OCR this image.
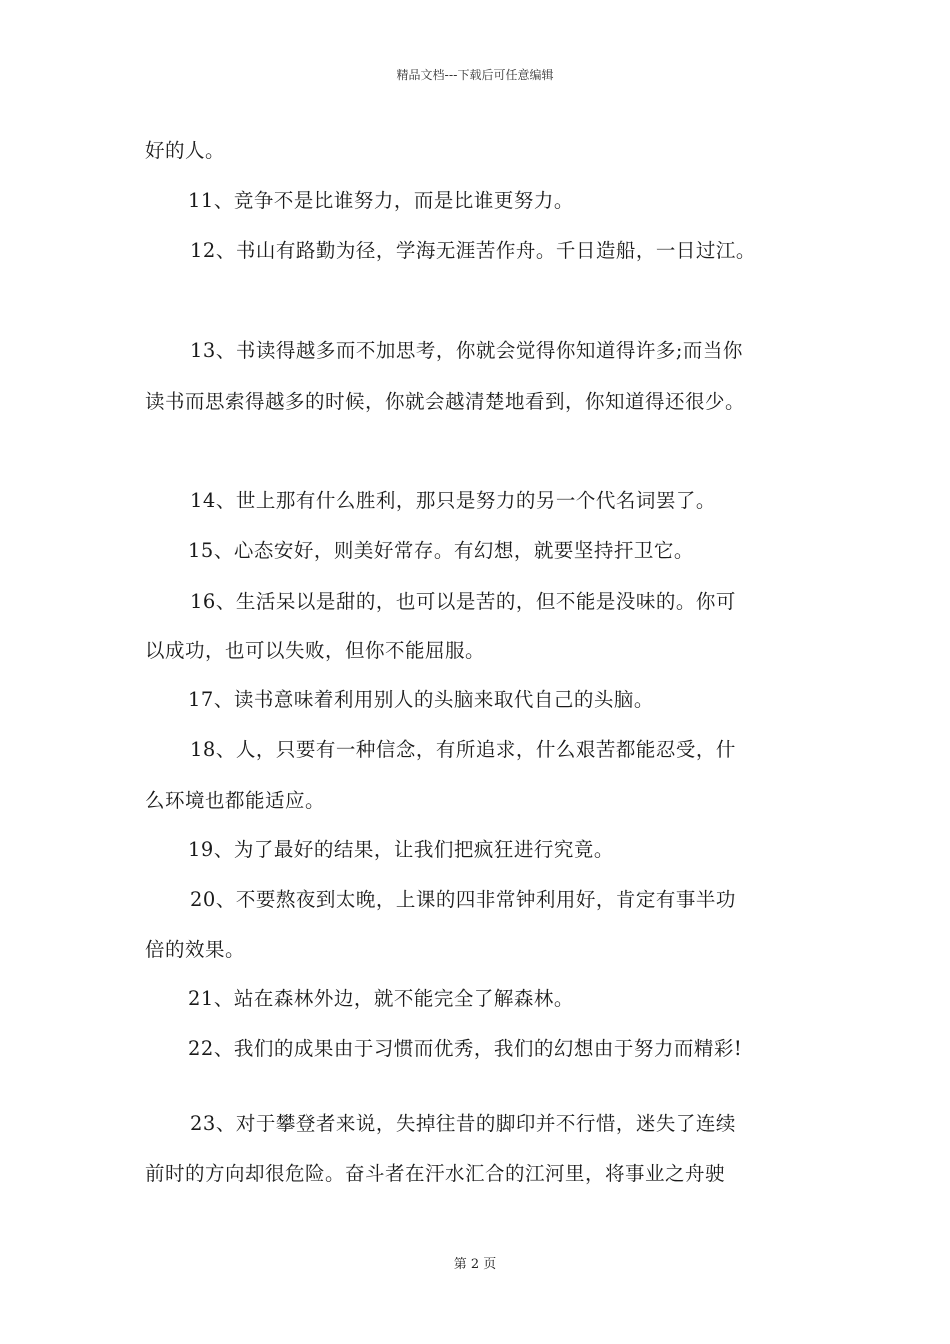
精品文档---下载后可任意编辑
好的人。
11、竞争不是比谁努力，而是比谁更努力。
12、书山有路勤为径，学海无涯苦作舟。千日造船，一日过江。
13、书读得越多而不加思考，你就会觉得你知道得许多;而当你
读书而思索得越多的时候，你就会越清楚地看到，你知道得还很少。
14、世上那有什么胜利，那只是努力的另一个代名词罢了。
15、心态安好，则美好常存。有幻想，就要坚持扞卫它。
16、生活呆以是甜的，也可以是苦的，但不能是没味的。你可
以成功，也可以失败，但你不能屈服。
17、读书意味着利用别人的头脑来取代自己的头脑。
18、人，只要有一种信念，有所追求，什么艰苦都能忍受，什
么环境也都能适应。
19、为了最好的结果，让我们把疯狂进行究竟。
20、不要熬夜到太晚，上课的四非常钟利用好，肯定有事半功
倍的效果。
21、站在森林外边，就不能完全了解森林。
22、我们的成果由于习惯而优秀，我们的幻想由于努力而精彩!
23、对于攀登者来说，失掉往昔的脚印并不行惜，迷失了连续
前时的方向却很危险。奋斗者在汗水汇合的江河里，将事业之舟驶
第 2 页
